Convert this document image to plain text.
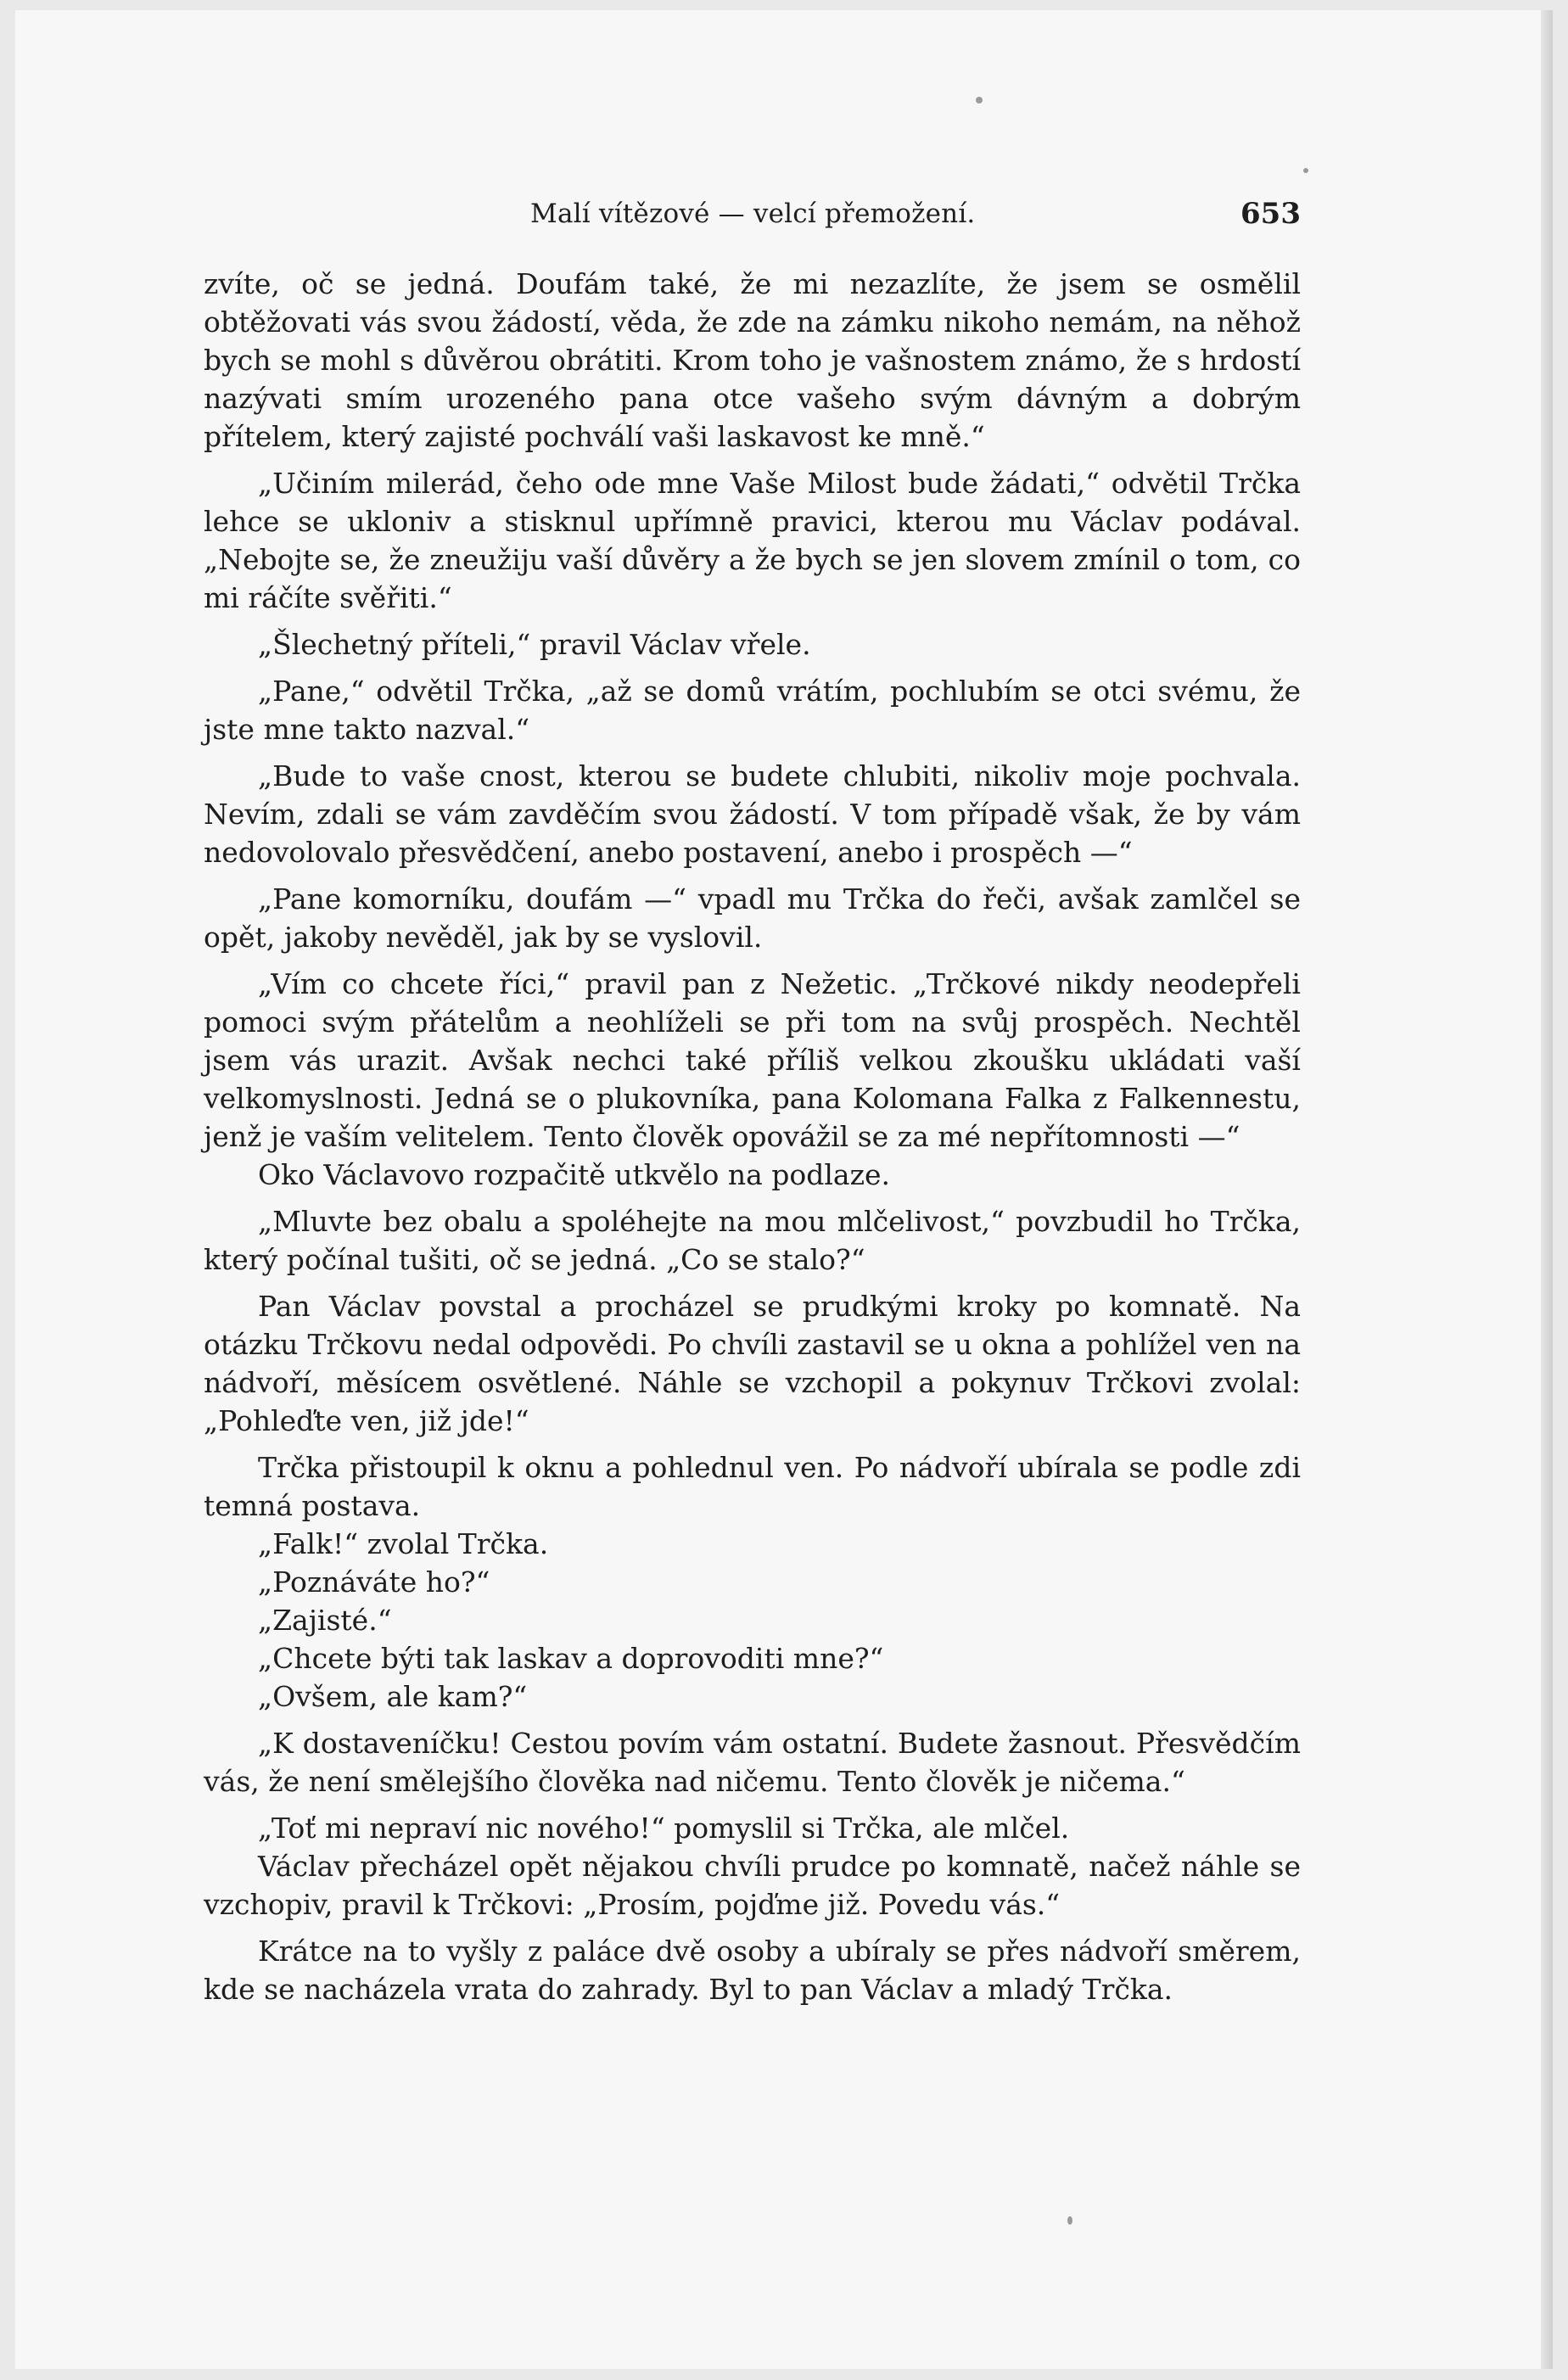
Malí vítězové — velcí přemožení.	653

zvíte, oč se jedná. Doufám také, že mi nezazlíte, že jsem se osmělil obtěžovati vás svou žádostí, věda, že zde na zámku nikoho nemám, na něhož bych se mohl s důvěrou obrátiti. Krom toho je vašnostem známo, že s hrdostí nazývati smím urozeného pana otce vašeho svým dávným a dobrým přítelem, který zajisté pochválí vaši laskavost ke mně.“

„Učiním milerád, čeho ode mne Vaše Milost bude žádati,“ odvětil Trčka lehce se ukloniv a stisknul upřímně pravici, kterou mu Václav podával. „Nebojte se, že zneužiju vaší důvěry a že bych se jen slovem zmínil o tom, co mi ráčíte svěřiti.“

„Šlechetný příteli,“ pravil Václav vřele.

„Pane,“ odvětil Trčka, „až se domů vrátím, pochlubím se otci svému, že jste mne takto nazval.“

„Bude to vaše cnost, kterou se budete chlubiti, nikoliv moje pochvala. Nevím, zdali se vám zavděčím svou žádostí. V tom případě však, že by vám nedovolovalo přesvědčení, anebo postavení, anebo i prospěch —“

„Pane komorníku, doufám —“ vpadl mu Trčka do řeči, avšak zamlčel se opět, jakoby nevěděl, jak by se vyslovil.

„Vím co chcete říci,“ pravil pan z Nežetic. „Trčkové nikdy neodepřeli pomoci svým přátelům a neohlíželi se při tom na svůj prospěch. Nechtěl jsem vás urazit. Avšak nechci také příliš velkou zkoušku ukládati vaší velkomyslnosti. Jedná se o plukovníka, pana Kolomana Falka z Falkennestu, jenž je vaším velitelem. Tento člověk opovážil se za mé nepřítomnosti —“

Oko Václavovo rozpačitě utkvělo na podlaze.

„Mluvte bez obalu a spoléhejte na mou mlčelivost,“ povzbudil ho Trčka, který počínal tušiti, oč se jedná. „Co se stalo?“

Pan Václav povstal a procházel se prudkými kroky po komnatě. Na otázku Trčkovu nedal odpovědi. Po chvíli zastavil se u okna a pohlížel ven na nádvoří, měsícem osvětlené. Náhle se vzchopil a pokynuv Trčkovi zvolal: „Pohleďte ven, již jde!“

Trčka přistoupil k oknu a pohlednul ven. Po nádvoří ubírala se podle zdi temná postava.

„Falk!“ zvolal Trčka.

„Poznáváte ho?“

„Zajisté.“

„Chcete býti tak laskav a doprovoditi mne?“

„Ovšem, ale kam?“

„K dostaveníčku! Cestou povím vám ostatní. Budete žasnout. Přesvědčím vás, že není smělejšího člověka nad ničemu. Tento člověk je ničema.“

„Toť mi nepraví nic nového!“ pomyslil si Trčka, ale mlčel.

Václav přecházel opět nějakou chvíli prudce po komnatě, načež náhle se vzchopiv, pravil k Trčkovi: „Prosím, pojďme již. Povedu vás.“

Krátce na to vyšly z paláce dvě osoby a ubíraly se přes nádvoří směrem, kde se nacházela vrata do zahrady. Byl to pan Václav a mladý Trčka.
